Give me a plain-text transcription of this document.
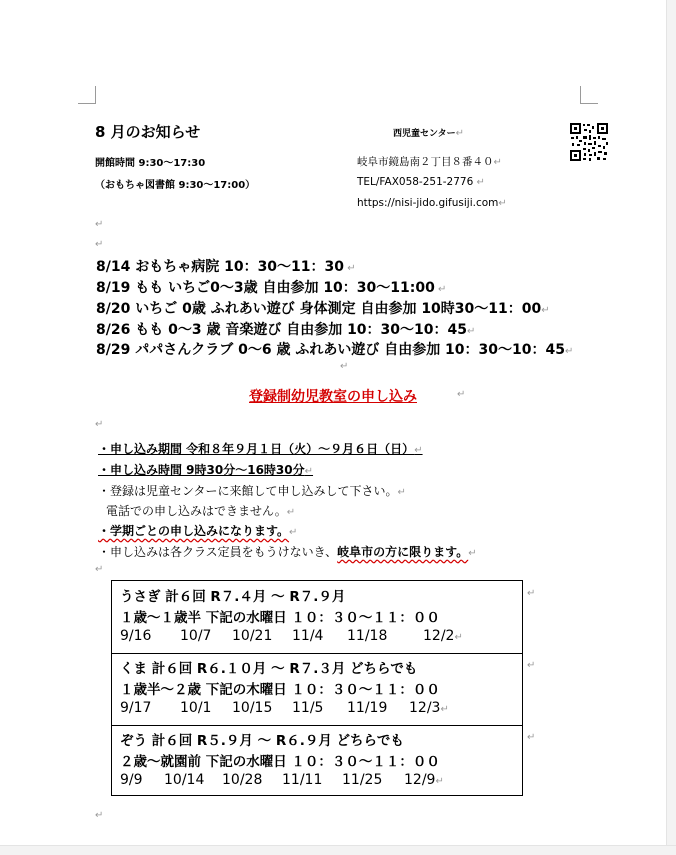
8 月のお知らせ	西児童センター↵
開館時間 9:30～17:30
（おもちゃ図書館 9:30～17:00）
岐阜市鏡島南２丁目８番４０↵
TEL/FAX058-251-2776 ↵
https://nisi-jido.gifusiji.com↵
↵
↵
8/14 おもちゃ病院 10：30～11：30 ↵
8/19 もも いちご0～3歳 自由参加 10：30～11:00 ↵
8/20 いちご 0歳 ふれあい遊び 身体測定 自由参加 10時30～11：00↵
8/26 もも 0～3 歳 音楽遊び 自由参加 10：30～10：45↵
8/29 パパさんクラブ 0～6 歳 ふれあい遊び 自由参加 10：30～10：45↵
↵
登録制幼児教室の申し込み	↵
↵
・申し込み期間 令和８年９月１日（火）～９月６日（日）↵
・申し込み時間 9時30分～16時30分↵
・登録は児童センターに来館して申し込みして下さい。↵
電話での申し込みはできません。↵
・学期ごとの申し込みになります。↵
・申し込みは各クラス定員をもうけないき、岐阜市の方に限ります。↵
↵
うさぎ 計６回 R７.４月 ～ R７.９月
１歳～１歳半 下記の水曜日 １０：３０～１１：００
9/16 10/7 10/21 11/4 11/18	12/2↵
くま 計６回 R６.１０月 ～ R７.３月 どちらでも
１歳半～２歳 下記の木曜日 １０：３０～１１：００
9/17 10/1 10/15 11/5 11/19 12/3↵
ぞう 計６回 R５.９月 ～ R６.９月 どちらでも
２歳～就園前 下記の水曜日 １０：３０～１１：００
9/9 10/14 10/28 11/11 11/25 12/9↵
↵
↵
↵
↵
